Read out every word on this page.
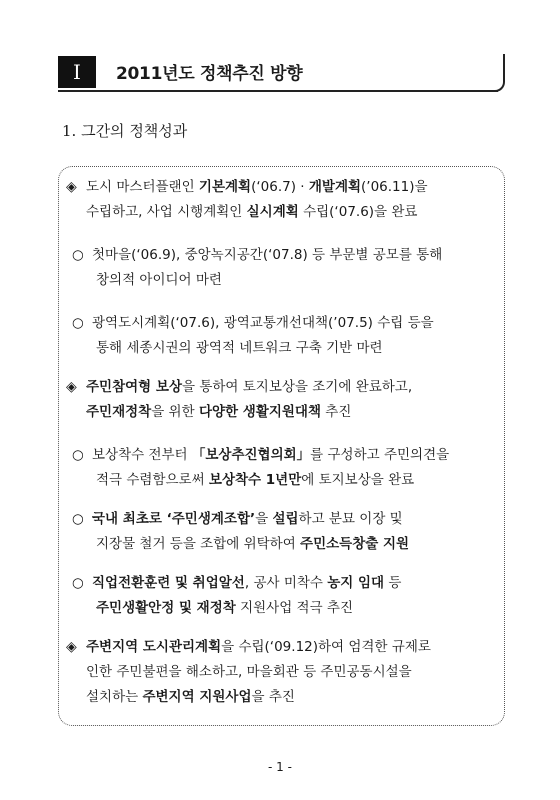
I	2011년도 정책추진 방향
1. 그간의 정책성과
◈ 도시 마스터플랜인 기본계획(‘06.7) · 개발계획(’06.11)을
수립하고, 사업 시행계획인 실시계획 수립(‘07.6)을 완료
○ 첫마을(‘06.9), 중앙녹지공간(‘07.8) 등 부문별 공모를 통해
창의적 아이디어 마련
○ 광역도시계획(‘07.6), 광역교통개선대책(’07.5) 수립 등을
통해 세종시권의 광역적 네트워크 구축 기반 마련
◈ 주민참여형 보상을 통하여 토지보상을 조기에 완료하고,
주민재정착을 위한 다양한 생활지원대책 추진
○ 보상착수 전부터 「보상추진협의회」를 구성하고 주민의견을
적극 수렴함으로써 보상착수 1년만에 토지보상을 완료
○ 국내 최초로 ‘주민생계조합’을 설립하고 분묘 이장 및
지장물 철거 등을 조합에 위탁하여 주민소득창출 지원
○ 직업전환훈련 및 취업알선, 공사 미착수 농지 임대 등
주민생활안정 및 재정착 지원사업 적극 추진
◈ 주변지역 도시관리계획을 수립(‘09.12)하여 엄격한 규제로
인한 주민불편을 해소하고, 마을회관 등 주민공동시설을
설치하는 주변지역 지원사업을 추진
- 1 -
